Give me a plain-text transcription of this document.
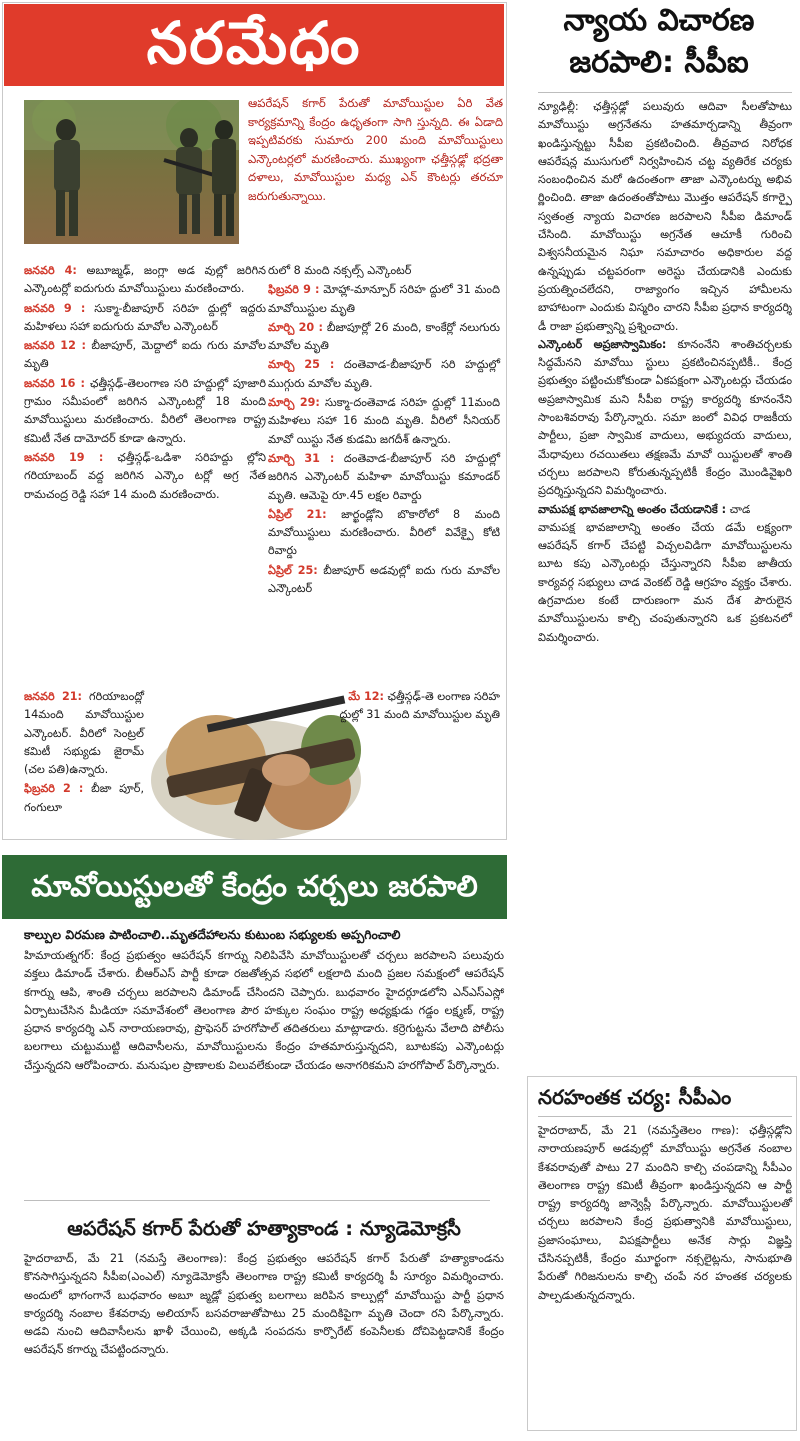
నరమేధం
ఆపరేషన్ కగార్ పేరుతో మావోయిస్టుల ఏరి వేత కార్యక్రమాన్ని కేంద్రం ఉధృతంగా సాగి స్తున్నది. ఈ ఏడాది ఇప్పటివరకు సుమారు 200 మంది మావోయిస్టులు ఎన్కౌంటర్లలో మరణించారు. ముఖ్యంగా ఛత్తీస్గఢ్లో భద్రతా దళాలు, మావోయిస్టుల మధ్య ఎన్ కౌంటర్లు తరచూ జరుగుతున్నాయి.

జనవరి 4: అబూజ్మఢ్, జంగ్లా అడ వుల్లో జరిగిన ఎన్కౌంటర్లో ఐదుగురు మావోయిస్టులు మరణించారు.

జనవరి 9 : సుక్మా-బీజాపూర్ సరిహ ద్దుల్లో ఇద్దరు మహిళలు సహా ఐదుగురు మావోల ఎన్కౌంటర్

జనవరి 12 : బీజాపూర్, మెద్దాలో ఐదు గురు మావోల మృతి

జనవరి 16 : ఛత్తీస్గఢ్-తెలంగాణ సరి హద్దుల్లో పూజారి గ్రామం సమీపంలో జరిగిన ఎన్కౌంటర్లో 18 మంది మావోయిస్టులు మరణించారు. వీరిలో తెలంగాణ రాష్ట్ర కమిటీ నేత దామోదర్ కూడా ఉన్నారు.

జనవరి 19 : ఛత్తీస్గఢ్-ఒడిశా సరిహద్దు ల్లోని గరియాబంద్ వద్ద జరిగిన ఎన్కౌం టర్లో అగ్ర నేత రామచంద్ర రెడ్డి సహా 14 మంది మరణించారు.

జనవరి 21: గరియాబంద్లో 14మంది మావోయిస్టుల ఎన్కౌంటర్. వీరిలో సెంట్రల్ కమిటీ సభ్యుడు జైరామ్ (చల పతి)ఉన్నారు.

ఫిబ్రవరి 2 : బీజా పూర్, గంగులూ

రులో 8 మంది నక్సల్స్ ఎన్కౌంటర్

ఫిబ్రవరి 9 : మోహ్లా-మాన్పూర్ సరిహ ద్దులో 31 మంది మావోయిస్టుల మృతి

మార్చి 20 : బీజాపూర్లో 26 మంది, కాంకేర్లో నలుగురు మావోల మృతి

మార్చి 25 : దంతెవాడ-బీజాపూర్ సరి హద్దుల్లో ముగ్గురు మావోల మృతి.

మార్చి 29: సుక్మా-దంతెవాడ సరిహ ద్దుల్లో 11మంది మహిళలు సహా 16 మంది మృతి. వీరిలో సీనియర్ మావో యిస్టు నేత కుడమి జగదీశ్ ఉన్నారు.

మార్చి 31 : దంతెవాడ-బీజాపూర్ సరి హద్దుల్లో జరిగిన ఎన్కౌంటర్ మహిళా మావోయిస్టు కమాండర్ మృతి. ఆమెపై రూ.45 లక్షల రివార్డు

ఏప్రిల్ 21: జార్ఖండ్లోని బొకారోలో 8 మంది మావోయిస్టులు మరణించారు. వీరిలో వివేక్పై కోటి రివార్డు

ఏప్రిల్ 25: బీజాపూర్ అడవుల్లో ఐదు గురు మావోల ఎన్కౌంటర్

మే 12: ఛత్తీస్గఢ్-తె లంగాణ సరిహ ద్దుల్లో 31 మంది మావోయిస్టుల మృతి

న్యాయ విచారణ
జరపాలి: సీపీఐ

న్యూఢిల్లీ: ఛత్తీస్గఢ్లో పలువురు ఆదివా సీలతోపాటు మావోయిస్టు అగ్రనేతను హతమార్చడాన్ని తీవ్రంగా ఖండిస్తున్నట్టు సీపీఐ ప్రకటించింది. తీవ్రవాద నిరోధక ఆపరేషన్ల ముసుగులో నిర్వహించిన చట్ట వ్యతిరేక చర్యకు సంబంధించిన మరో ఉదంతంగా తాజా ఎన్కౌంటర్ను అభివ ర్ణించింది. తాజా ఉదంతంతోపాటు మొత్తం ఆపరేషన్ కగార్పై స్వతంత్ర న్యాయ విచారణ జరపాలని సీపీఐ డిమాండ్ చేసింది. మావోయిస్టు అగ్రనేత ఆచూకీ గురించి విశ్వసనీయమైన నిఘా సమాచారం అధికారుల వద్ద ఉన్నప్పుడు చట్టపరంగా అరెస్టు చేయడానికి ఎందుకు ప్రయత్నించలేదని, రాజ్యాంగం ఇచ్చిన హామీలను బాహాటంగా ఎందుకు విస్మరిం చారని సీపీఐ ప్రధాన కార్యదర్శి డీ రాజా ప్రభుత్వాన్ని ప్రశ్నించారు.

ఎన్కౌంటర్ అప్రజాస్వామికం: కూనంనేని శాంతిచర్చలకు సిద్ధమేనని మావోయి స్టులు ప్రకటించినప్పటికీ.. కేంద్ర ప్రభుత్వం పట్టించుకోకుండా ఏకపక్షంగా ఎన్కౌంటర్లు చేయడం అప్రజాస్వామిక మని సీపీఐ రాష్ట్ర కార్యదర్శి కూనంనేని సాంబశివరావు పేర్కొన్నారు. సమా జంలో వివిధ రాజకీయ పార్టీలు, ప్రజా స్వామిక వాదులు, అభ్యుదయ వాదులు, మేధావులు రచయితలు తక్షణమే మావో యిస్టులతో శాంతి చర్చలు జరపాలని కోరుతున్నప్పటికీ కేంద్రం మొండివైఖరి ప్రదర్శిస్తున్నదని విమర్శించారు.

వామపక్ష భావజాలాన్ని అంతం చేయడానికే : చాడ

వామపక్ష భావజాలాన్ని అంతం చేయ డమే లక్ష్యంగా ఆపరేషన్ కగార్ చేపట్టి విచ్చలవిడిగా మావోయిస్టులను బూట కపు ఎన్కౌంటర్లు చేస్తున్నారని సీపీఐ జాతీయ కార్యవర్గ సభ్యులు చాడ వెంకట్ రెడ్డి ఆగ్రహం వ్యక్తం చేశారు. ఉగ్రవాదుల కంటే దారుణంగా మన దేశ పౌరులైన మావోయిస్టులను కాల్చి చంపుతున్నారని ఒక ప్రకటనలో విమర్శించారు.

మావోయిస్టులతో కేంద్రం చర్చలు జరపాలి
కాల్పుల విరమణ పాటించాలి..మృతదేహాలను కుటుంబ సభ్యులకు అప్పగించాలి
హిమాయత్నగర్: కేంద్ర ప్రభుత్వం ఆపరేషన్ కగార్ను నిలిపివేసి మావోయిస్టులతో చర్చలు జరపాలని పలువురు వక్తలు డిమాండ్ చేశారు. బీఆర్ఎస్ పార్టీ కూడా రజతోత్సవ సభలో లక్షలాది మంది ప్రజల సమక్షంలో ఆపరేషన్ కగార్ను ఆపి, శాంతి చర్చలు జరపాలని డిమాండ్ చేసిందని చెప్పారు. బుధవారం హైదర్గూడలోని ఎన్ఎస్ఎస్లో ఏర్పాటుచేసిన మీడియా సమావేశంలో తెలంగాణ పౌర హక్కుల సంఘం రాష్ట్ర అధ్యక్షుడు గడ్డం లక్ష్మణ్, రాష్ట్ర ప్రధాన కార్యదర్శి ఎన్ నారాయణరావు, ప్రొఫెసర్ హరగోపాల్ తదితరులు మాట్లాడారు. కర్రెగుట్టను వేలాది పోలీసు బలగాలు చుట్టుముట్టి ఆదివాసీలను, మావోయిస్టులను కేంద్రం హతమారుస్తున్నదని, బూటకపు ఎన్కౌంటర్లు చేస్తున్నదని ఆరోపించారు. మనుషుల ప్రాణాలకు విలువలేకుండా చేయడం అనాగరికమని హరగోపాల్ పేర్కొన్నారు.
ఆపరేషన్ కగార్ పేరుతో హత్యాకాండ : న్యూడెమోక్రసీ
హైదరాబాద్, మే 21 (నమస్తే తెలంగాణ): కేంద్ర ప్రభుత్వం ఆపరేషన్ కగార్ పేరుతో హత్యాకాండను కొనసాగిస్తున్నదని సీపీఐ(ఎంఎల్) న్యూడెమోక్రసీ తెలంగాణ రాష్ట్ర కమిటీ కార్యదర్శి పీ సూర్యం విమర్శించారు. అందులో భాగంగానే బుధవారం అబూ జ్మడ్లో ప్రభుత్వ బలగాలు జరిపిన కాల్పుల్లో మావోయిస్టు పార్టీ ప్రధాన కార్యదర్శి నంబాల కేశవరావు అలియాస్ బసవరాజుతోపాటు 25 మందికిపైగా మృతి చెందా రని పేర్కొన్నారు. అడవి నుంచి ఆదివాసీలను ఖాళీ చేయించి, అక్కడి సంపదను కార్పొరేట్ కంపెనీలకు దోచిపెట్టడానికే కేంద్రం ఆపరేషన్ కగార్ను చేపట్టిందన్నారు.
నరహంతక చర్య: సీపీఎం
హైదరాబాద్, మే 21 (నమస్తేతెలం గాణ): ఛత్తీస్గఢ్లోని నారాయణపూర్ అడవుల్లో మావోయిస్టు అగ్రనేత నంబాల కేశవరావుతో పాటు 27 మందిని కాల్చి చంపడాన్ని సీపీఎం తెలంగాణ రాష్ట్ర కమిటీ తీవ్రంగా ఖండిస్తున్నదని ఆ పార్టీ రాష్ట్ర కార్యదర్శి జాన్వెస్లీ పేర్కొన్నారు. మావోయిస్టులతో చర్చలు జరపాలని కేంద్ర ప్రభుత్వానికి మావోయిస్టులు, ప్రజాసంఘాలు, విపక్షపార్టీలు అనేక సార్లు విజ్ఞప్తి చేసినప్పటికీ, కేంద్రం మూర్ఖంగా నక్సలైట్లను, సానుభూతి పేరుతో గిరిజనులను కాల్చి చంపే నర హంతక చర్యలకు పాల్పడుతున్నదన్నారు.
